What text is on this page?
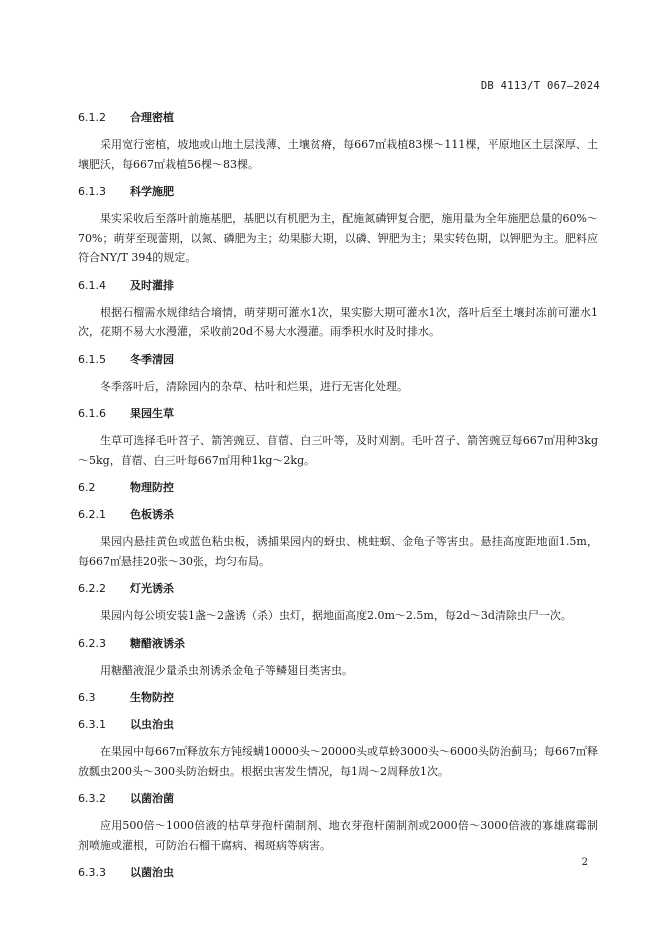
DB 4113/T 067—2024
6.1.2 合理密植
采用宽行密植，坡地或山地土层浅薄、土壤贫瘠，每667㎡栽植83棵～111棵，平原地区土层深厚、土壤肥沃，每667㎡栽植56棵～83棵。
6.1.3 科学施肥
果实采收后至落叶前施基肥，基肥以有机肥为主，配施氮磷钾复合肥，施用量为全年施肥总量的60%～70%；萌芽至现蕾期，以氮、磷肥为主；幼果膨大期，以磷、钾肥为主；果实转色期，以钾肥为主。肥料应符合NY/T 394的规定。
6.1.4 及时灌排
根据石榴需水规律结合墒情，萌芽期可灌水1次，果实膨大期可灌水1次，落叶后至土壤封冻前可灌水1次，花期不易大水漫灌，采收前20d不易大水漫灌。雨季积水时及时排水。
6.1.5 冬季清园
冬季落叶后，清除园内的杂草、枯叶和烂果，进行无害化处理。
6.1.6 果园生草
生草可选择毛叶苕子、箭筈豌豆、苜蓿、白三叶等，及时刈割。毛叶苕子、箭筈豌豆每667㎡用种3kg～5kg，苜蓿、白三叶每667㎡用种1kg～2kg。
6.2	物理防控
6.2.1 色板诱杀
果园内悬挂黄色或蓝色粘虫板，诱捕果园内的蚜虫、桃蛀螟、金龟子等害虫。悬挂高度距地面1.5m，每667㎡悬挂20张～30张，均匀布局。
6.2.2 灯光诱杀
果园内每公顷安装1盏～2盏诱（杀）虫灯，据地面高度2.0m～2.5m，每2d～3d清除虫尸一次。
6.2.3 糖醋液诱杀
用糖醋液混少量杀虫剂诱杀金龟子等鳞翅目类害虫。
6.3	生物防控
6.3.1 以虫治虫
在果园中每667㎡释放东方钝绥螨10000头～20000头或草蛉3000头～6000头防治蓟马；每667㎡释放瓢虫200头～300头防治蚜虫。根据虫害发生情况，每1周～2周释放1次。
6.3.2 以菌治菌
应用500倍～1000倍液的枯草芽孢杆菌制剂、地衣芽孢杆菌制剂或2000倍～3000倍液的寡雄腐霉制剂喷施或灌根，可防治石榴干腐病、褐斑病等病害。
6.3.3 以菌治虫
2
